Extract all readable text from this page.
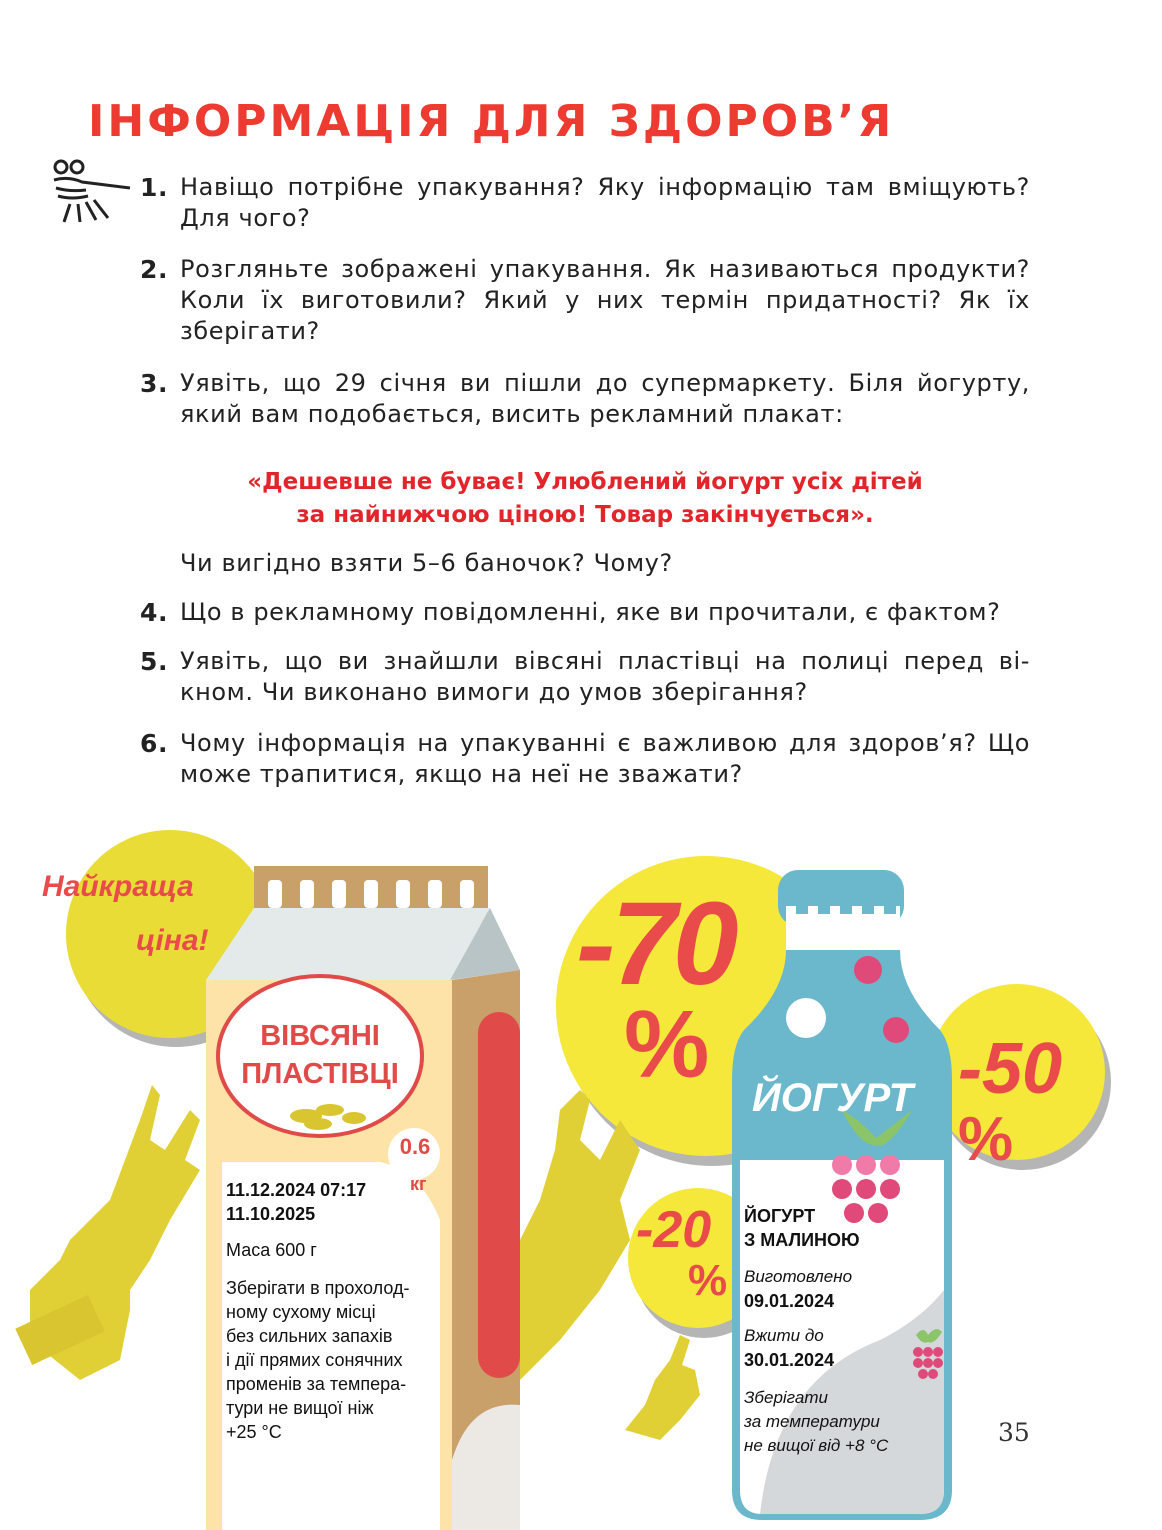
ІНФОРМАЦІЯ ДЛЯ ЗДОРОВ’Я
1. Навіщо потрібне упакування? Яку інформацію там вміщують? Для чого?
2. Розгляньте зображені упакування. Як називаються продукти? Коли їх виготовили? Який у них термін придатності? Як їх зберігати?
3. Уявіть, що 29 січня ви пішли до супермаркету. Біля йогурту, який вам подобається, висить рекламний плакат:
«Дешевше не буває! Улюблений йогурт усіх дітей
за найнижчою ціною! Товар закінчується».
Чи вигідно взяти 5–6 баночок? Чому?
4. Що в рекламному повідомленні, яке ви прочитали, є фактом?
5. Уявіть, що ви знайшли вівсяні пластівці на полиці перед ві-кном. Чи виконано вимоги до умов зберігання?
6. Чому інформація на упакуванні є важливою для здоров’я? Що може трапитися, якщо на неї не зважати?
Найкраща
ціна!	-70
%	-50
%
-20
%
ВІВСЯНІ
ПЛАСТІВЦІ
0.6
кг
11.12.2024 07:17
11.10.2025
Маса 600 г
Зберігати в прохолод-
ному сухому місці
без сильних запахів
і дії прямих сонячних
променів за темпера-
тури не вищої ніж
+25 °C
ЙОГУРТ
ЙОГУРТ
З МАЛИНОЮ
Виготовлено
09.01.2024
Вжити до
30.01.2024
Зберігати
за температури
не вищої від +8 °C	35
